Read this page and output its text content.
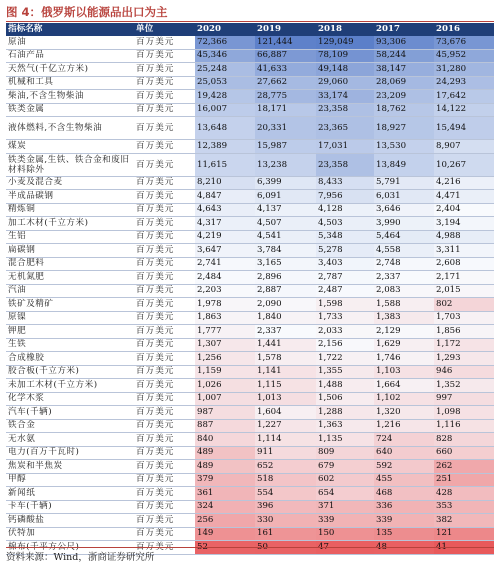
图 4：俄罗斯以能源品出口为主
指标名称	单位	2020	2019	2018	2017	2016
原油	百万美元	72,366	121,444	129,049	93,306	73,676
石油产品	百万美元	45,346	66,887	78,109	58,244	45,952
天然气(千亿立方米)	百万美元	25,248	41,633	49,148	38,147	31,280
机械和工具	百万美元	25,053	27,662	29,060	28,069	24,293
柴油,不含生物柴油	百万美元	19,428	28,775	33,174	23,209	17,642
铁类金属	百万美元	16,007	18,171	23,358	18,762	14,122
液体燃料,不含生物柴油	百万美元	13,648	20,331	23,365	18,927	15,494
煤炭	百万美元	12,389	15,987	17,031	13,530	8,907
铁类金属,生铁、铁合金和废旧材料除外	百万美元	11,615	13,238	23,358	13,849	10,267
小麦及混合麦	百万美元	8,210	6,399	8,433	5,791	4,216
半成品碳钢	百万美元	4,847	6,091	7,956	6,031	4,471
精炼铜	百万美元	4,643	4,137	4,128	3,646	2,404
加工木材(千立方米)	百万美元	4,317	4,507	4,503	3,990	3,194
生铝	百万美元	4,219	4,541	5,348	5,464	4,988
扁碳钢	百万美元	3,647	3,784	5,278	4,558	3,311
混合肥料	百万美元	2,741	3,165	3,403	2,748	2,608
无机氮肥	百万美元	2,484	2,896	2,787	2,337	2,171
汽油	百万美元	2,203	2,887	2,487	2,083	2,015
铁矿及精矿	百万美元	1,978	2,090	1,598	1,588	802
原镍	百万美元	1,863	1,840	1,733	1,383	1,703
钾肥	百万美元	1,777	2,337	2,033	2,129	1,856
生铁	百万美元	1,307	1,441	2,156	1,629	1,172
合成橡胶	百万美元	1,256	1,578	1,722	1,746	1,293
胶合板(千立方米)	百万美元	1,159	1,141	1,355	1,103	946
未加工木材(千立方米)	百万美元	1,026	1,115	1,488	1,664	1,352
化学木浆	百万美元	1,007	1,013	1,506	1,102	997
汽车(千辆)	百万美元	987	1,604	1,288	1,320	1,098
铁合金	百万美元	887	1,227	1,363	1,216	1,116
无水氨	百万美元	840	1,114	1,135	724	828
电力(百万千瓦时)	百万美元	489	911	809	640	660
焦炭和半焦炭	百万美元	489	652	679	592	262
甲醇	百万美元	379	518	602	455	251
新闻纸	百万美元	361	554	654	468	428
卡车(千辆)	百万美元	324	396	371	336	353
钙磷酸盐	百万美元	256	330	339	339	382
伏特加	百万美元	149	161	150	135	121
棉布(千平方公尺)	百万美元	52	50	47	48	41
资料来源：Wind，浙商证券研究所
